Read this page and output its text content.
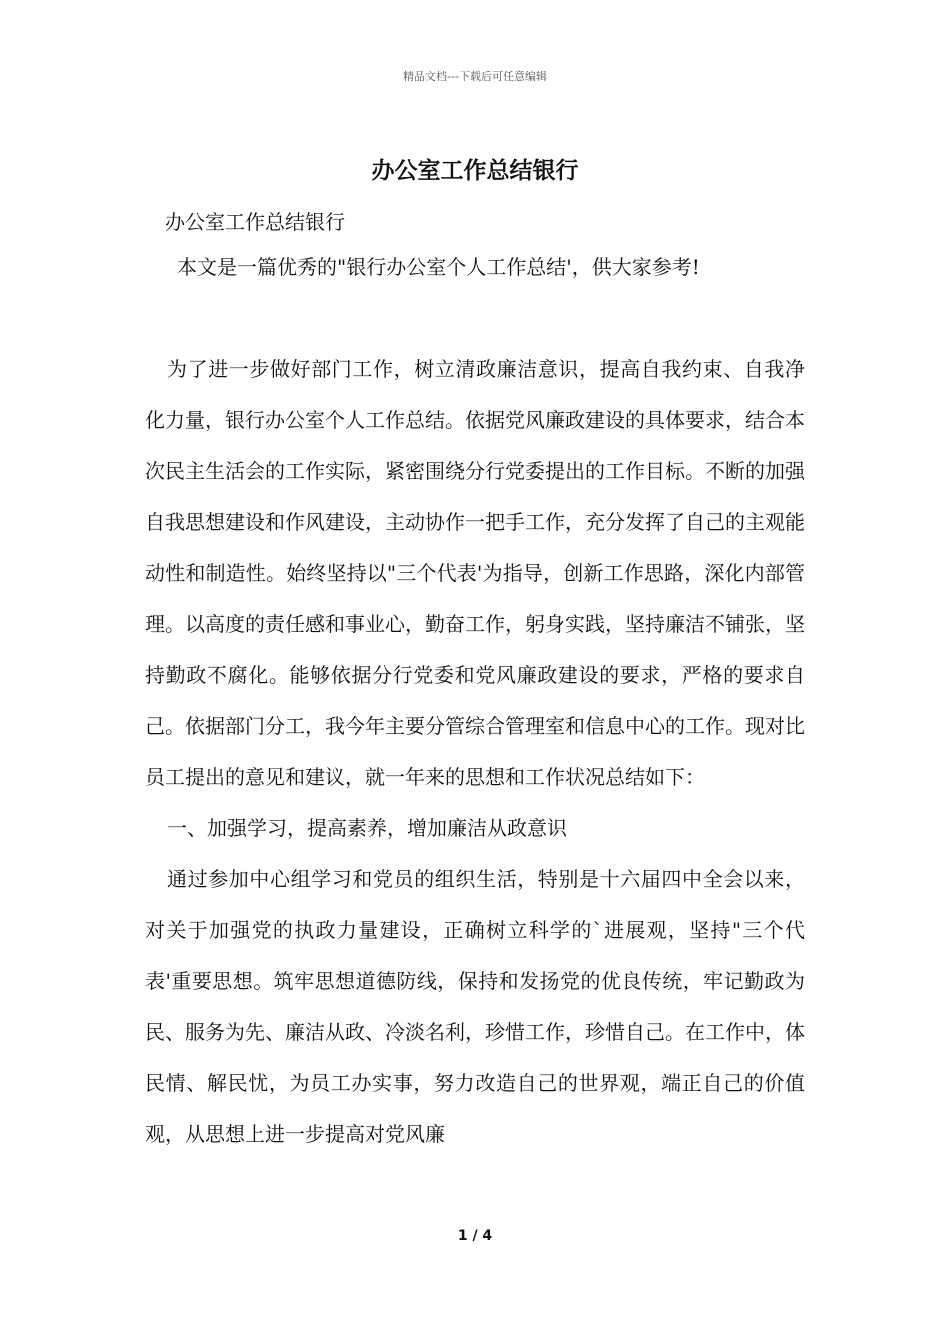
精品文档---下载后可任意编辑
办公室工作总结银行

办公室工作总结银行

本文是一篇优秀的"银行办公室个人工作总结'，供大家参考!

为了进一步做好部门工作，树立清政廉洁意识，提高自我约束、自我净化力量，银行办公室个人工作总结。依据党风廉政建设的具体要求，结合本次民主生活会的工作实际，紧密围绕分行党委提出的工作目标。不断的加强自我思想建设和作风建设，主动协作一把手工作，充分发挥了自己的主观能动性和制造性。始终坚持以"三个代表'为指导，创新工作思路，深化内部管理。以高度的责任感和事业心，勤奋工作，躬身实践，坚持廉洁不铺张，坚持勤政不腐化。能够依据分行党委和党风廉政建设的要求，严格的要求自己。依据部门分工，我今年主要分管综合管理室和信息中心的工作。现对比员工提出的意见和建议，就一年来的思想和工作状况总结如下：

一、加强学习，提高素养，增加廉洁从政意识

通过参加中心组学习和党员的组织生活，特别是十六届四中全会以来，对关于加强党的执政力量建设，正确树立科学的`进展观，坚持"三个代表'重要思想。筑牢思想道德防线，保持和发扬党的优良传统，牢记勤政为民、服务为先、廉洁从政、冷淡名利，珍惜工作，珍惜自己。在工作中，体民情、解民忧，为员工办实事，努力改造自己的世界观，端正自己的价值观，从思想上进一步提高对党风廉

1 / 4
